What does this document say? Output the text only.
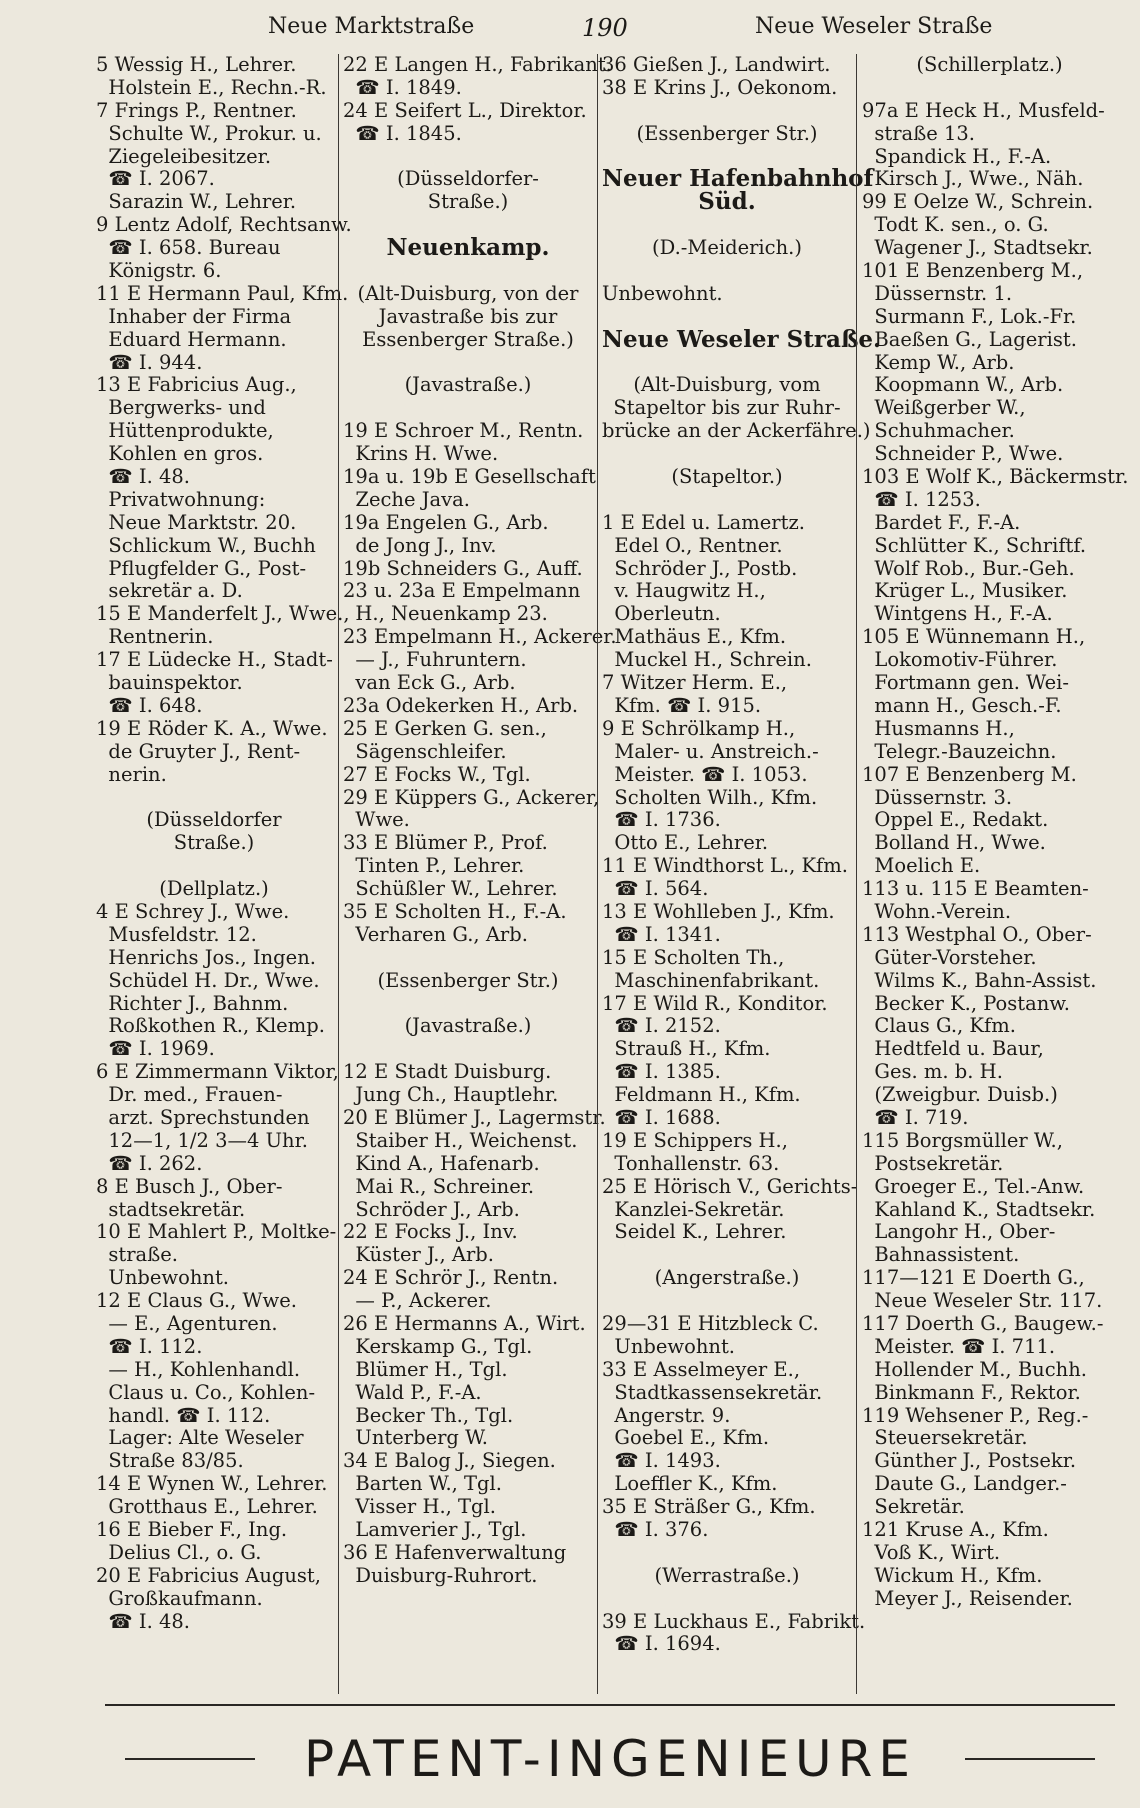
Neue Marktstraße	190	Neue Weseler Straße
5 Wessig H., Lehrer.
Holstein E., Rechn.-R.
7 Frings P., Rentner.
Schulte W., Prokur. u.
Ziegeleibesitzer.
☎ I. 2067.
Sarazin W., Lehrer.
9 Lentz Adolf, Rechtsanw.
☎ I. 658. Bureau
Königstr. 6.
11 E Hermann Paul, Kfm.
Inhaber der Firma
Eduard Hermann.
☎ I. 944.
13 E Fabricius Aug.,
Bergwerks- und
Hüttenprodukte,
Kohlen en gros.
☎ I. 48.
Privatwohnung:
Neue Marktstr. 20.
Schlickum W., Buchh
Pflugfelder G., Post-
sekretär a. D.
15 E Manderfelt J., Wwe.,
Rentnerin.
17 E Lüdecke H., Stadt-
bauinspektor.
☎ I. 648.
19 E Röder K. A., Wwe.
de Gruyter J., Rent-
nerin.
(Düsseldorfer
Straße.)
(Dellplatz.)
4 E Schrey J., Wwe.
Musfeldstr. 12.
Henrichs Jos., Ingen.
Schüdel H. Dr., Wwe.
Richter J., Bahnm.
Roßkothen R., Klemp.
☎ I. 1969.
6 E Zimmermann Viktor,
Dr. med., Frauen-
arzt. Sprechstunden
12—1, 1/2 3—4 Uhr.
☎ I. 262.
8 E Busch J., Ober-
stadtsekretär.
10 E Mahlert P., Moltke-
straße.
Unbewohnt.
12 E Claus G., Wwe.
— E., Agenturen.
☎ I. 112.
— H., Kohlenhandl.
Claus u. Co., Kohlen-
handl. ☎ I. 112.
Lager: Alte Weseler
Straße 83/85.
14 E Wynen W., Lehrer.
Grotthaus E., Lehrer.
16 E Bieber F., Ing.
Delius Cl., o. G.
20 E Fabricius August,
Großkaufmann.
☎ I. 48.
22 E Langen H., Fabrikant.
☎ I. 1849.
24 E Seifert L., Direktor.
☎ I. 1845.
(Düsseldorfer-
Straße.)
Neuenkamp.
(Alt-Duisburg, von der
Javastraße bis zur
Essenberger Straße.)
(Javastraße.)
19 E Schroer M., Rentn.
Krins H. Wwe.
19a u. 19b E Gesellschaft
Zeche Java.
19a Engelen G., Arb.
de Jong J., Inv.
19b Schneiders G., Auff.
23 u. 23a E Empelmann
H., Neuenkamp 23.
23 Empelmann H., Ackerer.
— J., Fuhruntern.
van Eck G., Arb.
23a Odekerken H., Arb.
25 E Gerken G. sen.,
Sägenschleifer.
27 E Focks W., Tgl.
29 E Küppers G., Ackerer,
Wwe.
33 E Blümer P., Prof.
Tinten P., Lehrer.
Schüßler W., Lehrer.
35 E Scholten H., F.-A.
Verharen G., Arb.
(Essenberger Str.)
(Javastraße.)
12 E Stadt Duisburg.
Jung Ch., Hauptlehr.
20 E Blümer J., Lagermstr.
Staiber H., Weichenst.
Kind A., Hafenarb.
Mai R., Schreiner.
Schröder J., Arb.
22 E Focks J., Inv.
Küster J., Arb.
24 E Schrör J., Rentn.
— P., Ackerer.
26 E Hermanns A., Wirt.
Kerskamp G., Tgl.
Blümer H., Tgl.
Wald P., F.-A.
Becker Th., Tgl.
Unterberg W.
34 E Balog J., Siegen.
Barten W., Tgl.
Visser H., Tgl.
Lamverier J., Tgl.
36 E Hafenverwaltung
Duisburg-Ruhrort.
36 Gießen J., Landwirt.
38 E Krins J., Oekonom.
(Essenberger Str.)
Neuer Hafenbahnhof
Süd.
(D.-Meiderich.)
Unbewohnt.
Neue Weseler Straße.
(Alt-Duisburg, vom
Stapeltor bis zur Ruhr-
brücke an der Ackerfähre.)
(Stapeltor.)
1 E Edel u. Lamertz.
Edel O., Rentner.
Schröder J., Postb.
v. Haugwitz H.,
Oberleutn.
Mathäus E., Kfm.
Muckel H., Schrein.
7 Witzer Herm. E.,
Kfm. ☎ I. 915.
9 E Schrölkamp H.,
Maler- u. Anstreich.-
Meister. ☎ I. 1053.
Scholten Wilh., Kfm.
☎ I. 1736.
Otto E., Lehrer.
11 E Windthorst L., Kfm.
☎ I. 564.
13 E Wohlleben J., Kfm.
☎ I. 1341.
15 E Scholten Th.,
Maschinenfabrikant.
17 E Wild R., Konditor.
☎ I. 2152.
Strauß H., Kfm.
☎ I. 1385.
Feldmann H., Kfm.
☎ I. 1688.
19 E Schippers H.,
Tonhallenstr. 63.
25 E Hörisch V., Gerichts-
Kanzlei-Sekretär.
Seidel K., Lehrer.
(Angerstraße.)
29—31 E Hitzbleck C.
Unbewohnt.
33 E Asselmeyer E.,
Stadtkassensekretär.
Angerstr. 9.
Goebel E., Kfm.
☎ I. 1493.
Loeffler K., Kfm.
35 E Sträßer G., Kfm.
☎ I. 376.
(Werrastraße.)
39 E Luckhaus E., Fabrikt.
☎ I. 1694.
(Schillerplatz.)
97a E Heck H., Musfeld-
straße 13.
Spandick H., F.-A.
Kirsch J., Wwe., Näh.
99 E Oelze W., Schrein.
Todt K. sen., o. G.
Wagener J., Stadtsekr.
101 E Benzenberg M.,
Düssernstr. 1.
Surmann F., Lok.-Fr.
Baeßen G., Lagerist.
Kemp W., Arb.
Koopmann W., Arb.
Weißgerber W.,
Schuhmacher.
Schneider P., Wwe.
103 E Wolf K., Bäckermstr.
☎ I. 1253.
Bardet F., F.-A.
Schlütter K., Schriftf.
Wolf Rob., Bur.-Geh.
Krüger L., Musiker.
Wintgens H., F.-A.
105 E Wünnemann H.,
Lokomotiv-Führer.
Fortmann gen. Wei-
mann H., Gesch.-F.
Husmanns H.,
Telegr.-Bauzeichn.
107 E Benzenberg M.
Düssernstr. 3.
Oppel E., Redakt.
Bolland H., Wwe.
Moelich E.
113 u. 115 E Beamten-
Wohn.-Verein.
113 Westphal O., Ober-
Güter-Vorsteher.
Wilms K., Bahn-Assist.
Becker K., Postanw.
Claus G., Kfm.
Hedtfeld u. Baur,
Ges. m. b. H.
(Zweigbur. Duisb.)
☎ I. 719.
115 Borgsmüller W.,
Postsekretär.
Groeger E., Tel.-Anw.
Kahland K., Stadtsekr.
Langohr H., Ober-
Bahnassistent.
117—121 E Doerth G.,
Neue Weseler Str. 117.
117 Doerth G., Baugew.-
Meister. ☎ I. 711.
Hollender M., Buchh.
Binkmann F., Rektor.
119 Wehsener P., Reg.-
Steuersekretär.
Günther J., Postsekr.
Daute G., Landger.-
Sekretär.
121 Kruse A., Kfm.
Voß K., Wirt.
Wickum H., Kfm.
Meyer J., Reisender.
PATENT-INGENIEURE
